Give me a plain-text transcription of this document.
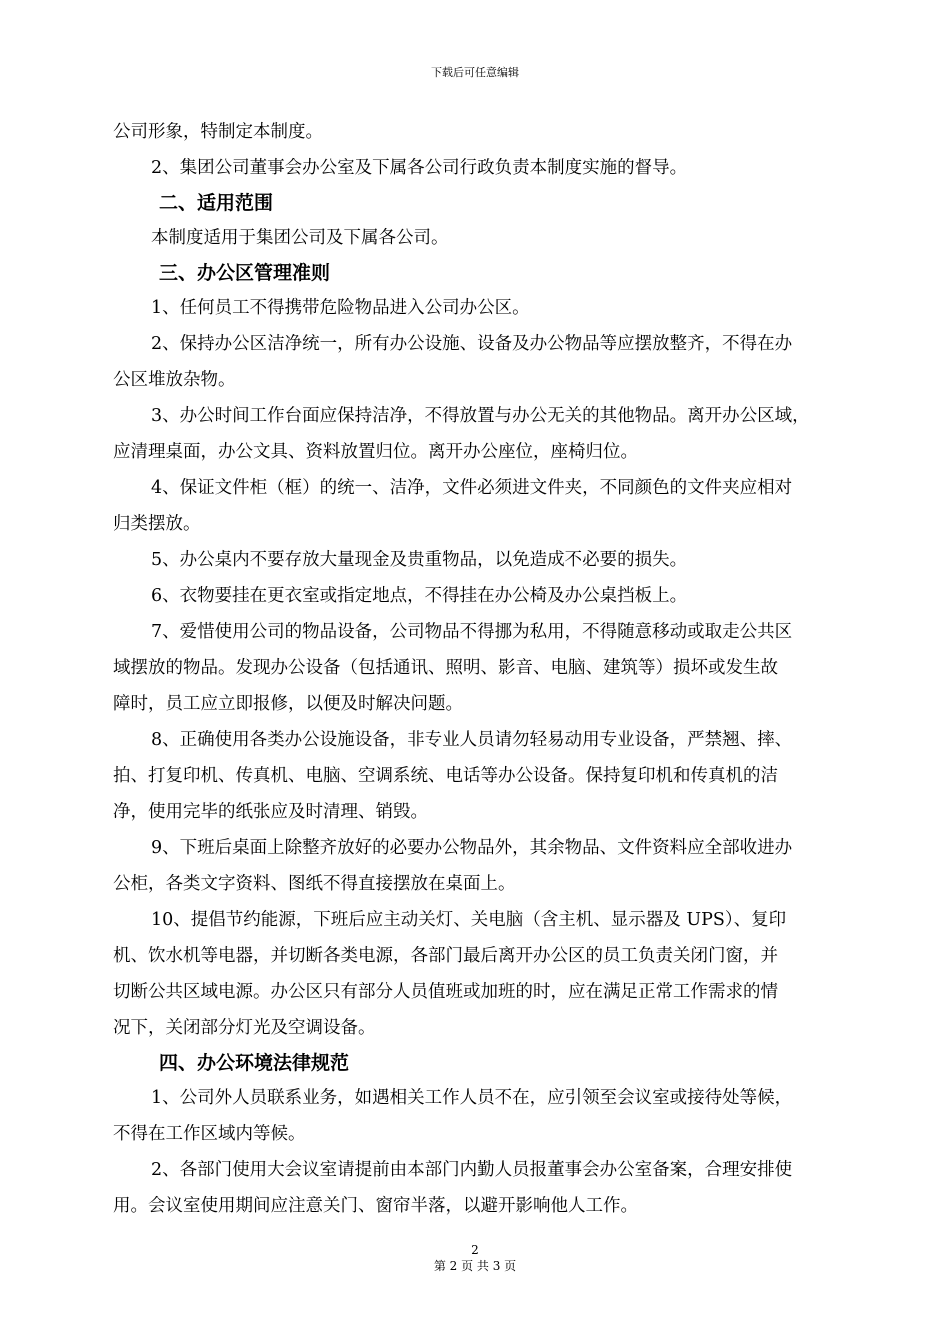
下载后可任意编辑
公司形象，特制定本制度。
2、集团公司董事会办公室及下属各公司行政负责本制度实施的督导。
二、适用范围
本制度适用于集团公司及下属各公司。
三、办公区管理准则
1、任何员工不得携带危险物品进入公司办公区。
2、保持办公区洁净统一，所有办公设施、设备及办公物品等应摆放整齐，不得在办
公区堆放杂物。
3、办公时间工作台面应保持洁净，不得放置与办公无关的其他物品。离开办公区域，
应清理桌面，办公文具、资料放置归位。离开办公座位，座椅归位。
4、保证文件柜（框）的统一、洁净，文件必须进文件夹，不同颜色的文件夹应相对
归类摆放。
5、办公桌内不要存放大量现金及贵重物品，以免造成不必要的损失。
6、衣物要挂在更衣室或指定地点，不得挂在办公椅及办公桌挡板上。
7、爱惜使用公司的物品设备，公司物品不得挪为私用，不得随意移动或取走公共区
域摆放的物品。发现办公设备（包括通讯、照明、影音、电脑、建筑等）损坏或发生故
障时，员工应立即报修，以便及时解决问题。
8、正确使用各类办公设施设备，非专业人员请勿轻易动用专业设备，严禁翘、摔、
拍、打复印机、传真机、电脑、空调系统、电话等办公设备。保持复印机和传真机的洁
净，使用完毕的纸张应及时清理、销毁。
9、下班后桌面上除整齐放好的必要办公物品外，其余物品、文件资料应全部收进办
公柜，各类文字资料、图纸不得直接摆放在桌面上。
10、提倡节约能源，下班后应主动关灯、关电脑（含主机、显示器及 UPS）、复印
机、饮水机等电器，并切断各类电源，各部门最后离开办公区的员工负责关闭门窗，并
切断公共区域电源。办公区只有部分人员值班或加班的时，应在满足正常工作需求的情
况下，关闭部分灯光及空调设备。
四、办公环境法律规范
1、公司外人员联系业务，如遇相关工作人员不在，应引领至会议室或接待处等候，
不得在工作区域内等候。
2、各部门使用大会议室请提前由本部门内勤人员报董事会办公室备案，合理安排使
用。会议室使用期间应注意关门、窗帘半落，以避开影响他人工作。
2
第 2 页 共 3 页
